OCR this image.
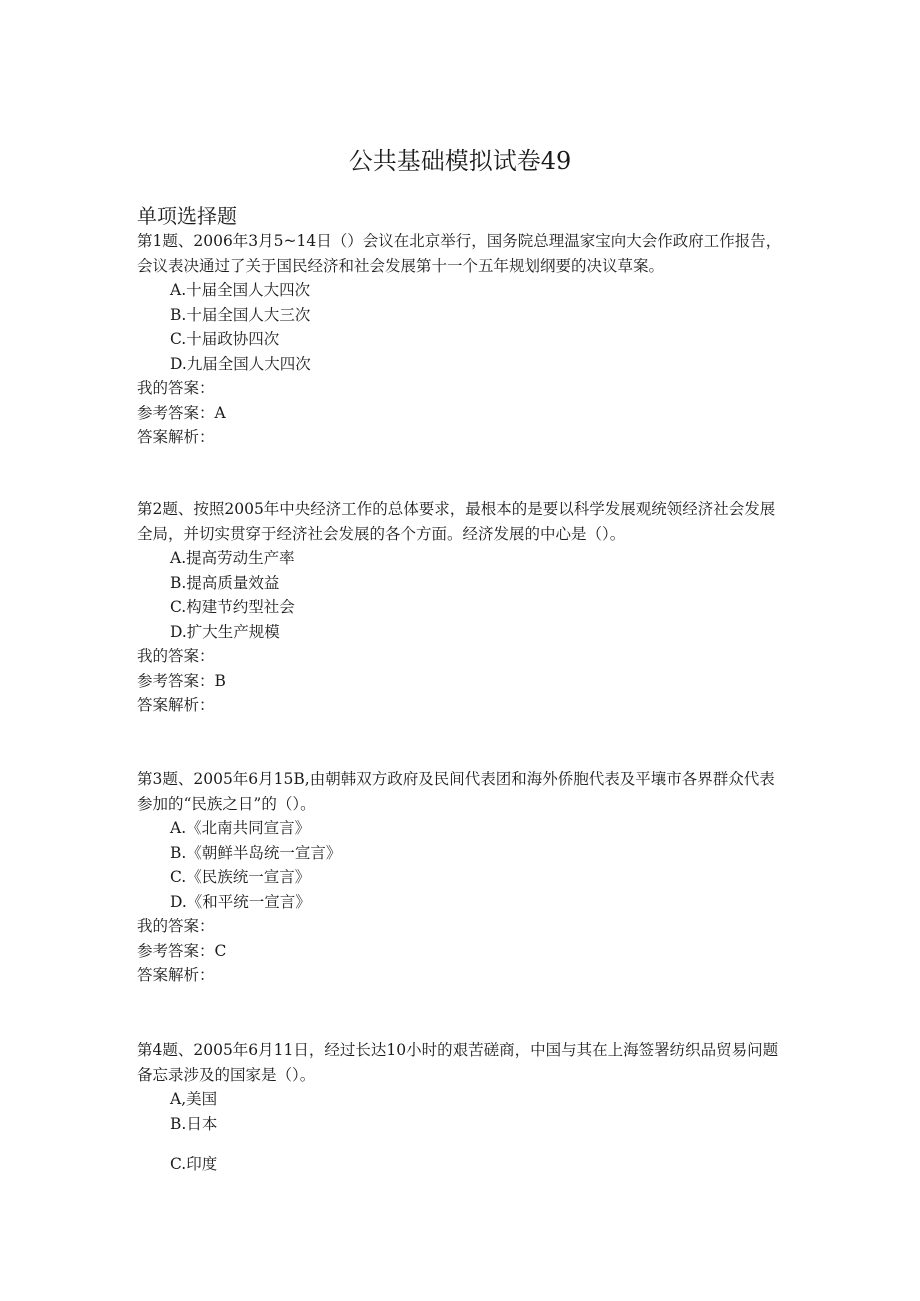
公共基础模拟试卷49
单项选择题

第1题、2006年3月5~14日（）会议在北京举行，国务院总理温家宝向大会作政府工作报告，会议表决通过了关于国民经济和社会发展第十一个五年规划纲要的决议草案。

A.十届全国人大四次
B.十届全国人大三次
C.十届政协四次
D.九届全国人大四次
我的答案：
参考答案：A
答案解析：

第2题、按照2005年中央经济工作的总体要求，最根本的是要以科学发展观统领经济社会发展全局，并切实贯穿于经济社会发展的各个方面。经济发展的中心是（）。

A.提高劳动生产率
B.提高质量效益
C.构建节约型社会
D.扩大生产规模
我的答案：
参考答案：B
答案解析：

第3题、2005年6月15B,由朝韩双方政府及民间代表团和海外侨胞代表及平壤市各界群众代表参加的“民族之日”的（）。

A.《北南共同宣言》
B.《朝鲜半岛统一宣言》
C.《民族统一宣言》
D.《和平统一宣言》
我的答案：
参考答案：C
答案解析：

第4题、2005年6月11日，经过长达10小时的艰苦磋商，中国与其在上海签署纺织品贸易问题备忘录涉及的国家是（）。

A,美国
B.日本
C.印度
